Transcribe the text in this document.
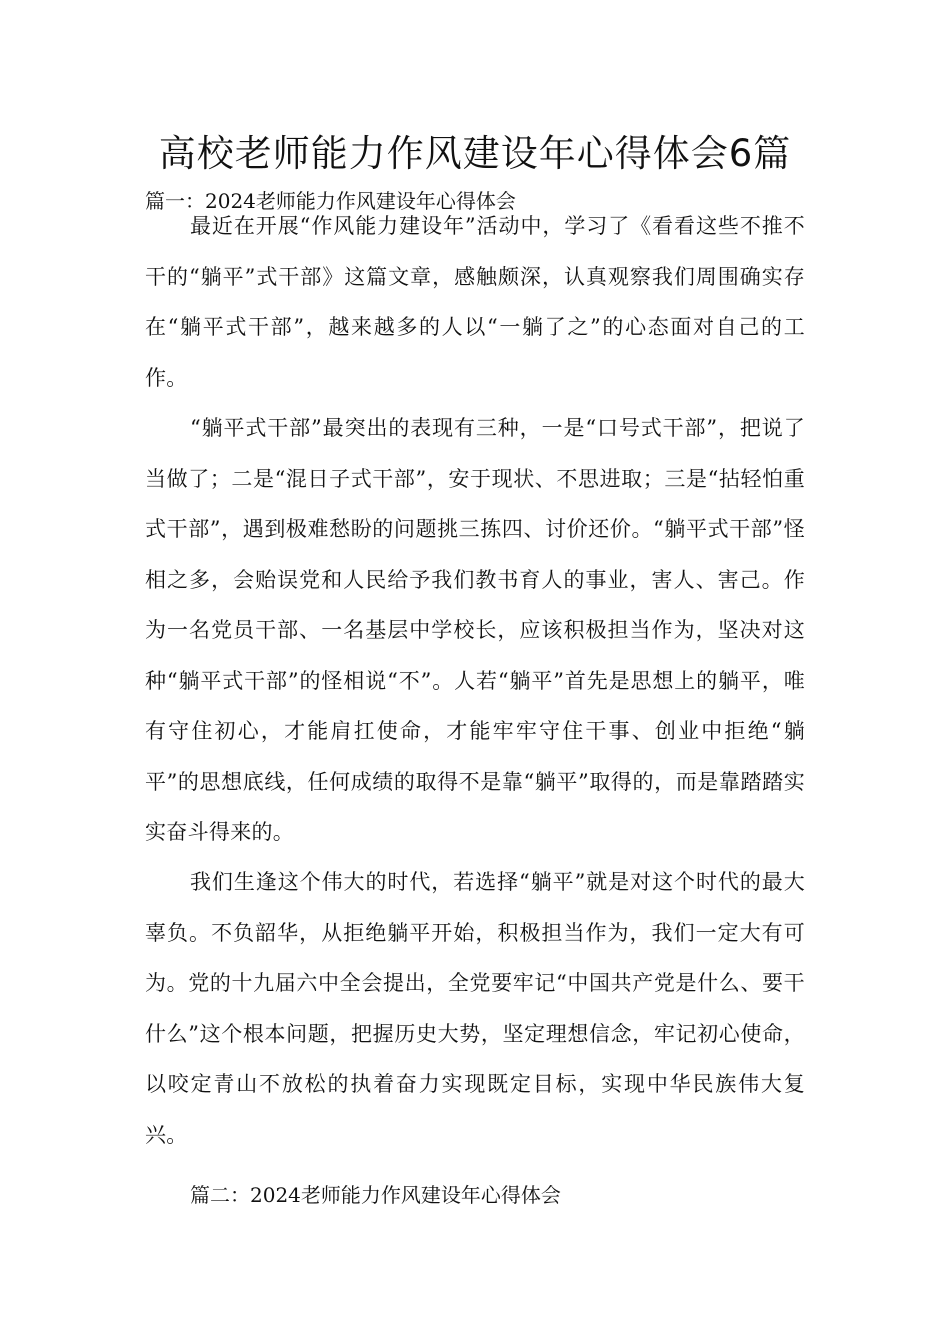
高校老师能力作风建设年心得体会6篇
篇一：2024老师能力作风建设年心得体会

最近在开展“作风能力建设年”活动中，学习了《看看这些不推不干的“躺平”式干部》这篇文章，感触颇深，认真观察我们周围确实存在“躺平式干部”，越来越多的人以“一躺了之”的心态面对自己的工作。

“躺平式干部”最突出的表现有三种，一是“口号式干部”，把说了当做了；二是“混日子式干部”，安于现状、不思进取；三是“拈轻怕重式干部”，遇到极难愁盼的问题挑三拣四、讨价还价。“躺平式干部”怪相之多，会贻误党和人民给予我们教书育人的事业，害人、害己。作为一名党员干部、一名基层中学校长，应该积极担当作为，坚决对这种“躺平式干部”的怪相说“不”。人若“躺平”首先是思想上的躺平，唯有守住初心，才能肩扛使命，才能牢牢守住干事、创业中拒绝“躺平”的思想底线，任何成绩的取得不是靠“躺平”取得的，而是靠踏踏实实奋斗得来的。

我们生逢这个伟大的时代，若选择“躺平”就是对这个时代的最大辜负。不负韶华，从拒绝躺平开始，积极担当作为，我们一定大有可为。党的十九届六中全会提出，全党要牢记“中国共产党是什么、要干什么”这个根本问题，把握历史大势，坚定理想信念，牢记初心使命，以咬定青山不放松的执着奋力实现既定目标，实现中华民族伟大复兴。

篇二：2024老师能力作风建设年心得体会
